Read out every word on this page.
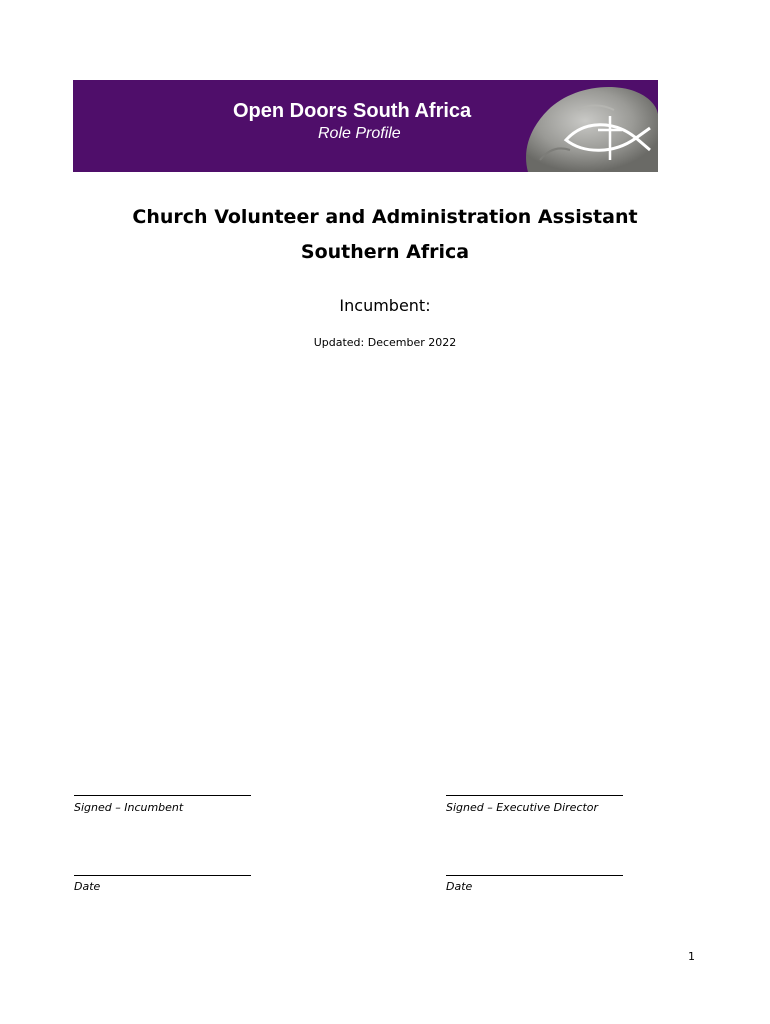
Open Doors South Africa
Role Profile
Church Volunteer and Administration Assistant
Southern Africa
Incumbent:
Updated: December 2022
Signed – Incumbent	Signed – Executive Director
Date	Date
1
